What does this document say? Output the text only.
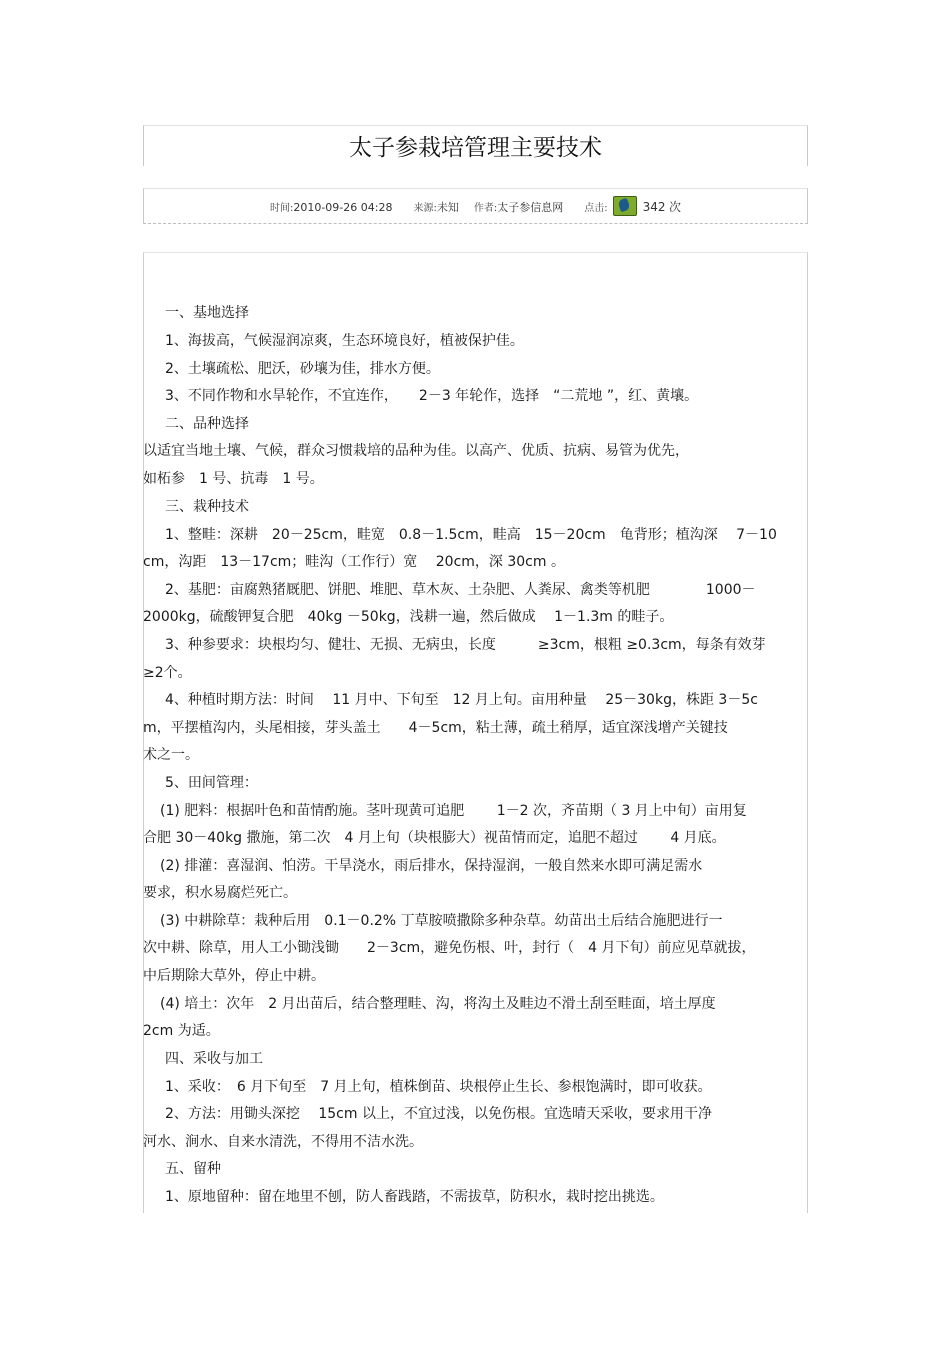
太子参栽培管理主要技术
时间:2010-09-26 04:28 来源:未知 作者:太子参信息网 点击:	342 次
一、基地选择
1、海拔高，气候湿润凉爽，生态环境良好，植被保护佳。
2、土壤疏松、肥沃，砂壤为佳，排水方便。
3、不同作物和水旱轮作，不宜连作，　　2－3 年轮作，选择　“二荒地 ”，红、黄壤。
二、品种选择
以适宜当地土壤、气候，群众习惯栽培的品种为佳。以高产、优质、抗病、易管为优先，
如柘参　1 号、抗毒　1 号。
三、栽种技术
1、整畦：深耕　20－25cm，畦宽　0.8－1.5cm，畦高　15－20cm　龟背形；植沟深　 7－10
cm，沟距　13－17cm；畦沟（工作行）宽　 20cm，深 30cm 。
2、基肥：亩腐熟猪厩肥、饼肥、堆肥、草木灰、土杂肥、人粪尿、禽类等机肥　　　　1000－
2000kg，硫酸钾复合肥　40kg －50kg，浅耕一遍，然后做成　 1－1.3m 的畦子。
3、种参要求：块根均匀、健壮、无损、无病虫，长度　　　≥3cm，根粗 ≥0.3cm，每条有效芽
≥2个。
4、种植时期方法：时间　 11 月中、下旬至　12 月上旬。亩用种量　 25－30kg，株距 3－5c
m，平摆植沟内，头尾相接，芽头盖土　　4－5cm，粘土薄，疏土稍厚，适宜深浅增产关键技
术之一。
5、田间管理：
(1) 肥料：根据叶色和苗情酌施。茎叶现黄可追肥　　 1－2 次，齐苗期（ 3 月上中旬）亩用复
合肥 30－40kg 撒施，第二次　4 月上旬（块根膨大）视苗情而定，追肥不超过　　 4 月底。
(2) 排灌：喜湿润、怕涝。干旱浇水，雨后排水，保持湿润，一般自然来水即可满足需水
要求，积水易腐烂死亡。
(3) 中耕除草：栽种后用　0.1－0.2% 丁草胺喷撒除多种杂草。幼苗出土后结合施肥进行一
次中耕、除草，用人工小锄浅锄　　2－3cm，避免伤根、叶，封行（　4 月下旬）前应见草就拔，
中后期除大草外，停止中耕。
(4) 培土：次年　2 月出苗后，结合整理畦、沟，将沟土及畦边不滑土刮至畦面，培土厚度
2cm 为适。
四、采收与加工
1、采收：　6 月下旬至　7 月上旬，植株倒苗、块根停止生长、参根饱满时，即可收获。
2、方法：用锄头深挖　 15cm 以上，不宜过浅，以免伤根。宜选晴天采收，要求用干净
河水、涧水、自来水清洗，不得用不洁水洗。
五、留种
1、原地留种：留在地里不刨，防人畜践踏，不需拔草，防积水，栽时挖出挑选。
